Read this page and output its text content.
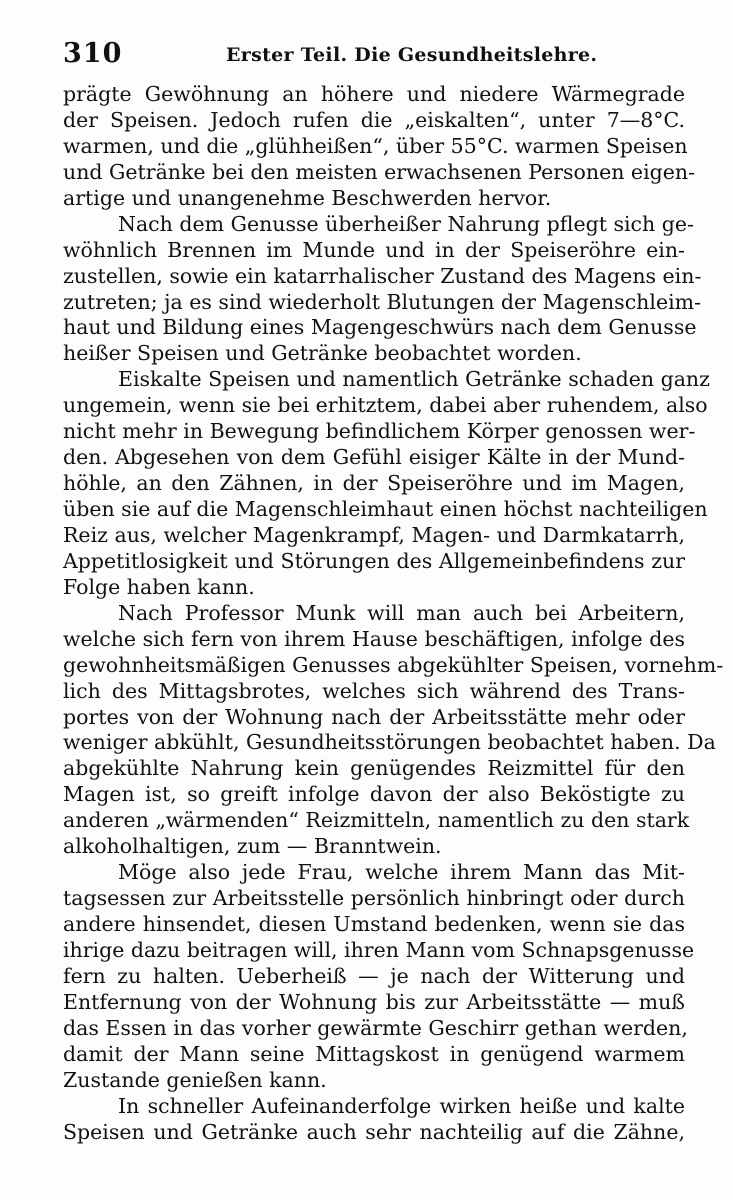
310	Erster Teil. Die Gesundheitslehre.
prägte Gewöhnung an höhere und niedere Wärmegrade
der Speisen. Jedoch rufen die „eiskalten“, unter 7—8°C.
warmen, und die „glühheißen“, über 55°C. warmen Speisen
und Getränke bei den meisten erwachsenen Personen eigen-
artige und unangenehme Beschwerden hervor.
Nach dem Genusse überheißer Nahrung pflegt sich ge-
wöhnlich Brennen im Munde und in der Speiseröhre ein-
zustellen, sowie ein katarrhalischer Zustand des Magens ein-
zutreten; ja es sind wiederholt Blutungen der Magenschleim-
haut und Bildung eines Magengeschwürs nach dem Genusse
heißer Speisen und Getränke beobachtet worden.
Eiskalte Speisen und namentlich Getränke schaden ganz
ungemein, wenn sie bei erhitztem, dabei aber ruhendem, also
nicht mehr in Bewegung befindlichem Körper genossen wer-
den. Abgesehen von dem Gefühl eisiger Kälte in der Mund-
höhle, an den Zähnen, in der Speiseröhre und im Magen,
üben sie auf die Magenschleimhaut einen höchst nachteiligen
Reiz aus, welcher Magenkrampf, Magen- und Darmkatarrh,
Appetitlosigkeit und Störungen des Allgemeinbefindens zur
Folge haben kann.
Nach Professor Munk will man auch bei Arbeitern,
welche sich fern von ihrem Hause beschäftigen, infolge des
gewohnheitsmäßigen Genusses abgekühlter Speisen, vornehm-
lich des Mittagsbrotes, welches sich während des Trans-
portes von der Wohnung nach der Arbeitsstätte mehr oder
weniger abkühlt, Gesundheitsstörungen beobachtet haben. Da
abgekühlte Nahrung kein genügendes Reizmittel für den
Magen ist, so greift infolge davon der also Beköstigte zu
anderen „wärmenden“ Reizmitteln, namentlich zu den stark
alkoholhaltigen, zum — Branntwein.
Möge also jede Frau, welche ihrem Mann das Mit-
tagsessen zur Arbeitsstelle persönlich hinbringt oder durch
andere hinsendet, diesen Umstand bedenken, wenn sie das
ihrige dazu beitragen will, ihren Mann vom Schnapsgenusse
fern zu halten. Ueberheiß — je nach der Witterung und
Entfernung von der Wohnung bis zur Arbeitsstätte — muß
das Essen in das vorher gewärmte Geschirr gethan werden,
damit der Mann seine Mittagskost in genügend warmem
Zustande genießen kann.
In schneller Aufeinanderfolge wirken heiße und kalte
Speisen und Getränke auch sehr nachteilig auf die Zähne,
